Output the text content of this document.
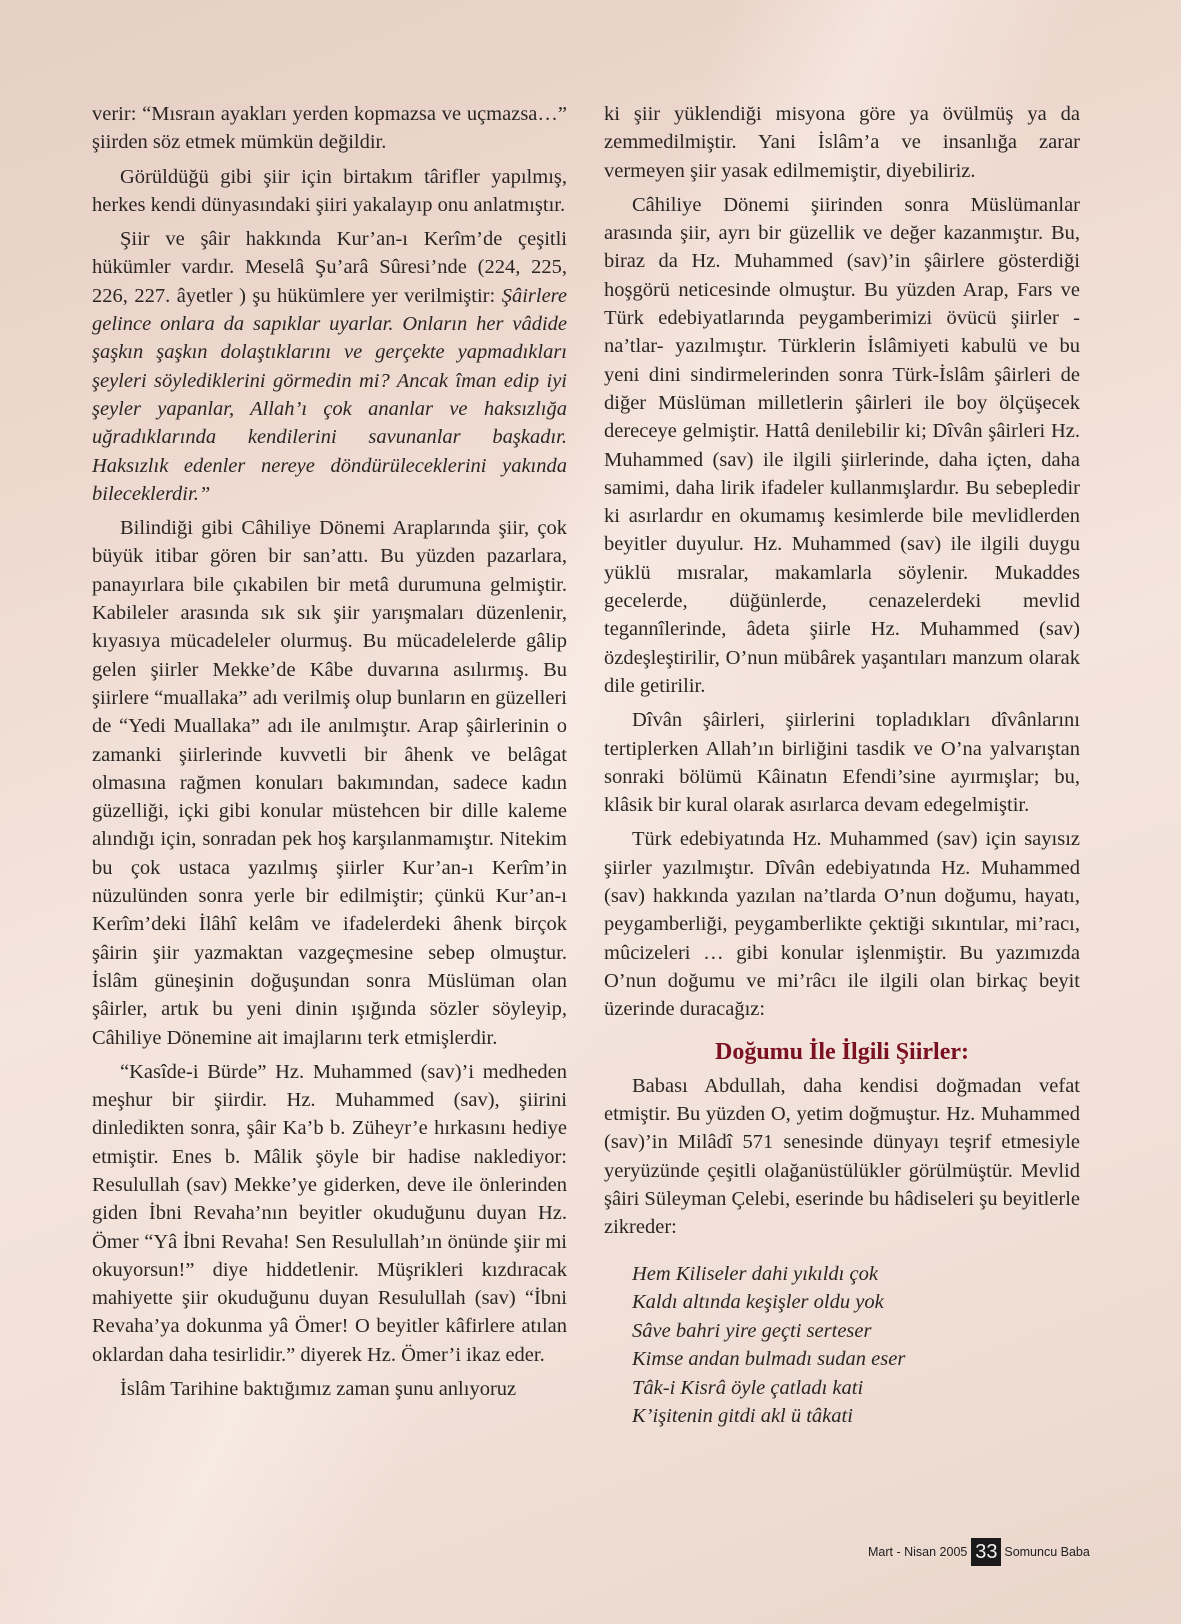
verir: “Mısraın ayakları yerden kopmazsa ve uçmazsa…” şiirden söz etmek mümkün değildir.

Görüldüğü gibi şiir için birtakım târifler yapılmış, herkes kendi dünyasındaki şiiri yakalayıp onu anlatmıştır.

Şiir ve şâir hakkında Kur’an-ı Kerîm’de çeşitli hükümler vardır. Meselâ Şu’arâ Sûresi’nde (224, 225, 226, 227. âyetler ) şu hükümlere yer verilmiştir: Şâirlere gelince onlara da sapıklar uyarlar. Onların her vâdide şaşkın şaşkın dolaştıklarını ve gerçekte yapmadıkları şeyleri söylediklerini görmedin mi? Ancak îman edip iyi şeyler yapanlar, Allah’ı çok ananlar ve haksızlığa uğradıklarında kendilerini savunanlar başkadır. Haksızlık edenler nereye döndürüleceklerini yakında bileceklerdir.”

Bilindiği gibi Câhiliye Dönemi Araplarında şiir, çok büyük itibar gören bir san’attı. Bu yüzden pazarlara, panayırlara bile çıkabilen bir metâ durumuna gelmiştir. Kabileler arasında sık sık şiir yarışmaları düzenlenir, kıyasıya mücadeleler olurmuş. Bu mücadelelerde gâlip gelen şiirler Mekke’de Kâbe duvarına asılırmış. Bu şiirlere “muallaka” adı verilmiş olup bunların en güzelleri de “Yedi Muallaka” adı ile anılmıştır. Arap şâirlerinin o zamanki şiirlerinde kuvvetli bir âhenk ve belâgat olmasına rağmen konuları bakımından, sadece kadın güzelliği, içki gibi konular müstehcen bir dille kaleme alındığı için, sonradan pek hoş karşılanmamıştır. Nitekim bu çok ustaca yazılmış şiirler Kur’an-ı Kerîm’in nüzulünden sonra yerle bir edilmiştir; çünkü Kur’an-ı Kerîm’deki İlâhî kelâm ve ifadelerdeki âhenk birçok şâirin şiir yazmaktan vazgeçmesine sebep olmuştur. İslâm güneşinin doğuşundan sonra Müslüman olan şâirler, artık bu yeni dinin ışığında sözler söyleyip, Câhiliye Dönemine ait imajlarını terk etmişlerdir.

“Kasîde-i Bürde” Hz. Muhammed (sav)’i medheden meşhur bir şiirdir. Hz. Muhammed (sav), şiirini dinledikten sonra, şâir Ka’b b. Züheyr’e hırkasını hediye etmiştir. Enes b. Mâlik şöyle bir hadise naklediyor: Resulullah (sav) Mekke’ye giderken, deve ile önlerinden giden İbni Revaha’nın beyitler okuduğunu duyan Hz. Ömer “Yâ İbni Revaha! Sen Resulullah’ın önünde şiir mi okuyorsun!” diye hiddetlenir. Müşrikleri kızdıracak mahiyette şiir okuduğunu duyan Resulullah (sav) “İbni Revaha’ya dokunma yâ Ömer! O beyitler kâfirlere atılan oklardan daha tesirlidir.” diyerek Hz. Ömer’i ikaz eder.

İslâm Tarihine baktığımız zaman şunu anlıyoruz

ki şiir yüklendiği misyona göre ya övülmüş ya da zemmedilmiştir. Yani İslâm’a ve insanlığa zarar vermeyen şiir yasak edilmemiştir, diyebiliriz.

Câhiliye Dönemi şiirinden sonra Müslümanlar arasında şiir, ayrı bir güzellik ve değer kazanmıştır. Bu, biraz da Hz. Muhammed (sav)’in şâirlere gösterdiği hoşgörü neticesinde olmuştur. Bu yüzden Arap, Fars ve Türk edebiyatlarında peygamberimizi övücü şiirler -na’tlar- yazılmıştır. Türklerin İslâmiyeti kabulü ve bu yeni dini sindirmelerinden sonra Türk-İslâm şâirleri de diğer Müslüman milletlerin şâirleri ile boy ölçüşecek dereceye gelmiştir. Hattâ denilebilir ki; Dîvân şâirleri Hz. Muhammed (sav) ile ilgili şiirlerinde, daha içten, daha samimi, daha lirik ifadeler kullanmışlardır. Bu sebepledir ki asırlardır en okumamış kesimlerde bile mevlidlerden beyitler duyulur. Hz. Muhammed (sav) ile ilgili duygu yüklü mısralar, makamlarla söylenir. Mukaddes gecelerde, düğünlerde, cenazelerdeki mevlid tegannîlerinde, âdeta şiirle Hz. Muhammed (sav) özdeşleştirilir, O’nun mübârek yaşantıları manzum olarak dile getirilir.

Dîvân şâirleri, şiirlerini topladıkları dîvânlarını tertiplerken Allah’ın birliğini tasdik ve O’na yalvarıştan sonraki bölümü Kâinatın Efendi’sine ayırmışlar; bu, klâsik bir kural olarak asırlarca devam edegelmiştir.

Türk edebiyatında Hz. Muhammed (sav) için sayısız şiirler yazılmıştır. Dîvân edebiyatında Hz. Muhammed (sav) hakkında yazılan na’tlarda O’nun doğumu, hayatı, peygamberliği, peygamberlikte çektiği sıkıntılar, mi’racı, mûcizeleri … gibi konular işlenmiştir. Bu yazımızda O’nun doğumu ve mi’râcı ile ilgili olan birkaç beyit üzerinde duracağız:

Doğumu İle İlgili Şiirler:

Babası Abdullah, daha kendisi doğmadan vefat etmiştir. Bu yüzden O, yetim doğmuştur. Hz. Muhammed (sav)’in Milâdî 571 senesinde dünyayı teşrif etmesiyle yeryüzünde çeşitli olağanüstülükler görülmüştür. Mevlid şâiri Süleyman Çelebi, eserinde bu hâdiseleri şu beyitlerle zikreder:

Hem Kiliseler dahi yıkıldı çok
Kaldı altında keşişler oldu yok
Sâve bahri yire geçti serteser
Kimse andan bulmadı sudan eser
Tâk-i Kisrâ öyle çatladı kati
K’işitenin gitdi akl ü tâkati
Mart - Nisan 2005 33 Somuncu Baba
